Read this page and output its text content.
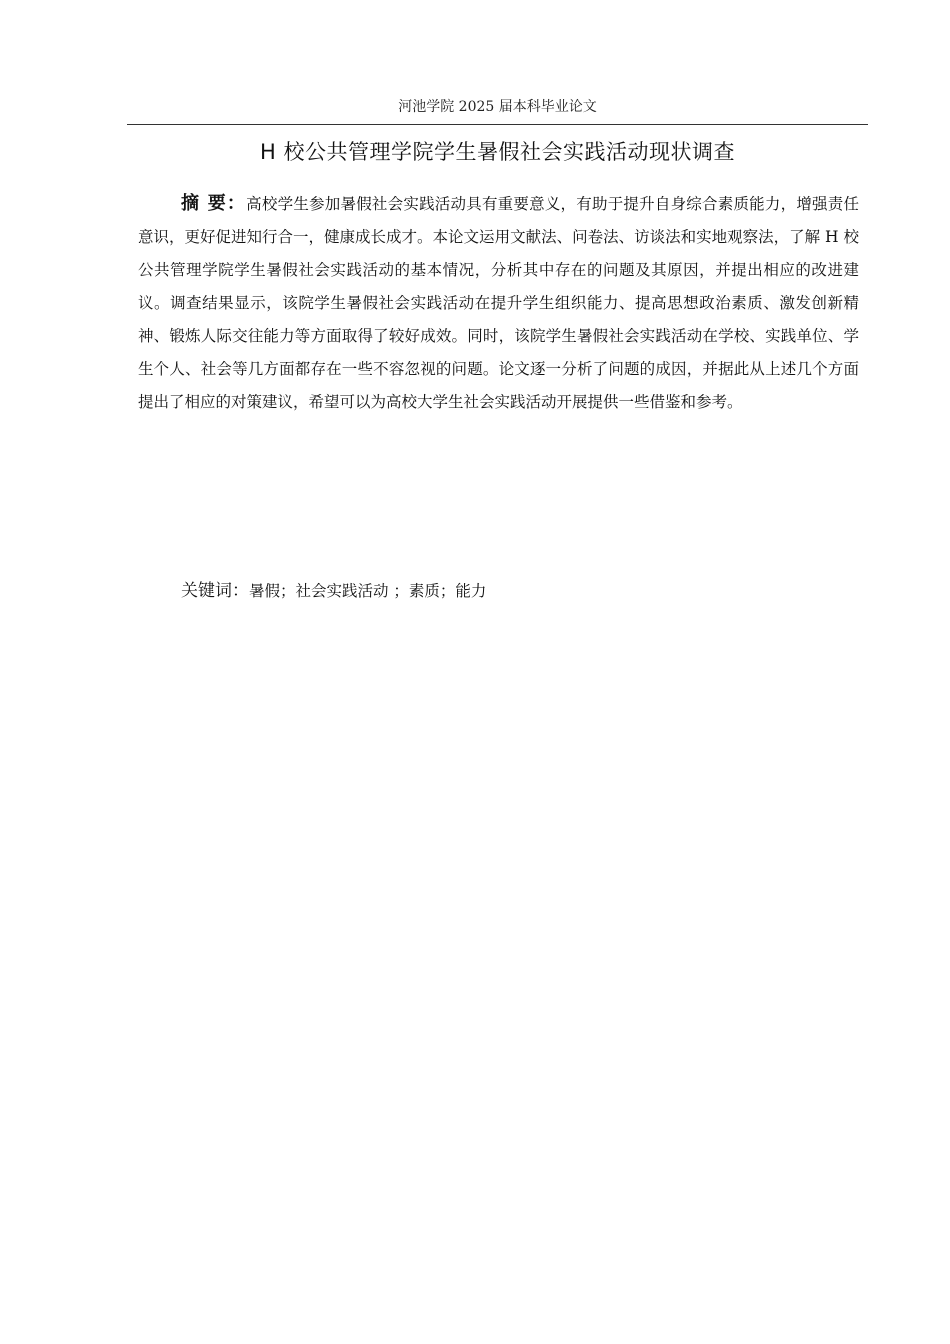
河池学院 2025 届本科毕业论文
H 校公共管理学院学生暑假社会实践活动现状调查

摘 要：高校学生参加暑假社会实践活动具有重要意义，有助于提升自身综合素质能力，增强责任意识，更好促进知行合一，健康成长成才。本论文运用文献法、问卷法、访谈法和实地观察法，了解 H 校公共管理学院学生暑假社会实践活动的基本情况，分析其中存在的问题及其原因，并提出相应的改进建议。调查结果显示，该院学生暑假社会实践活动在提升学生组织能力、提高思想政治素质、激发创新精神、锻炼人际交往能力等方面取得了较好成效。同时，该院学生暑假社会实践活动在学校、实践单位、学生个人、社会等几方面都存在一些不容忽视的问题。论文逐一分析了问题的成因，并据此从上述几个方面提出了相应的对策建议，希望可以为高校大学生社会实践活动开展提供一些借鉴和参考。

关键词：暑假；社会实践活动 ；素质；能力
